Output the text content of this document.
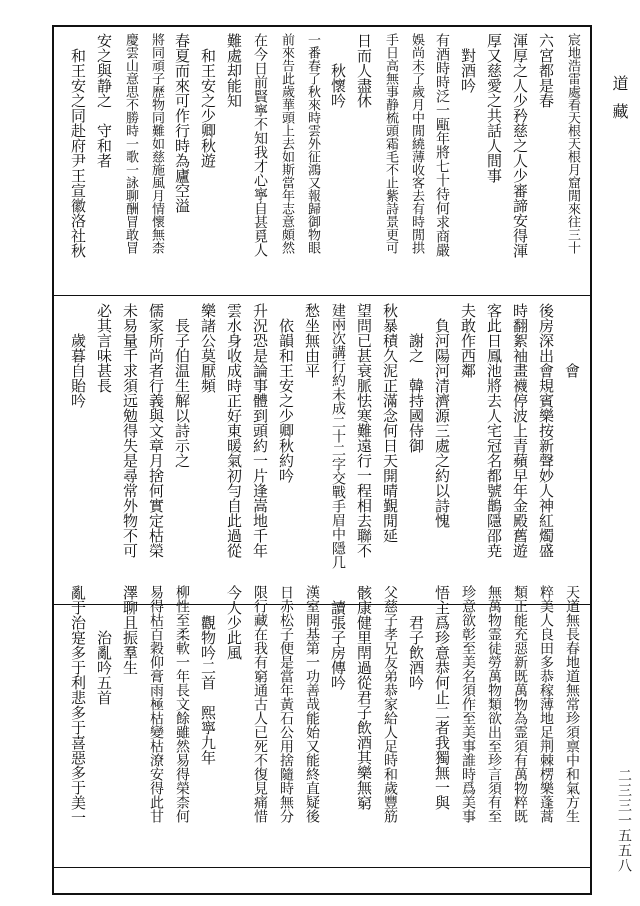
道藏
二三三一五五八
宸地浩雷處看天根天根月窟閒來往三十
六宮都是春
渾厚之人少矜慈之人少審諦安得渾
厚又慈愛之共話人間事
　對酒吟
有酒時時泛一甌年將七十待何求商嚴
娛尚未了歲月中閒繞薄收客去有時閒拱
手日高無事静梳頭霜毛不止紫詩景更可
日而人盡休
　　秋懷吟
一番春了秋來時雲外征鴻又報歸御物眼
前來告此歲華頭上去如斯當年志意頗然
在今日前賢寧不知我才心寧自甚覓人
難處却能知
　和王安之少卿秋遊
春夏而來可作行時為廬空溢
將同頑子歷物同難如慈施風月情懷無柰
慶雲山意思不勝時一歌一詠聊酬冒敢冒
安之與静之　守和者
　和王安之同赴府尹王宣徽洛社秋
　　　　會
後房深出會規賓樂按新聲妙人神紅燭盛
時翻絮袖畫襪停波上青蘋早年金殿舊遊
客此日鳳池將去人宅冠名都號鵲隱邵尭
夫敢作西鄰
　負河陽河清濟源三處之約以詩愧
　　謝之　韓持國侍御
秋暴積久泥正滿念何日天開晴覲閒延
望問已甚衰脈怯寒難遠行一程相去聯不
建兩次講行約未成二十二字交戰手眉中隱几
愁坐無由平
　依韻和王安之少卿秋約吟
升況恐是論事體到頭約一片逢嵩地千年
雲水身收成時正好東暖氣初勻自此過從
樂諸公莫厭頻
　長子伯温生解以詩示之
儒家所尚者行義與文章月捨何實定枯榮
未易量千求須远勉得失是尋常外物不可
必其言味甚長
　　歲暮自貽吟
天道無長春地道無常珍須禀中和氣方生
粹美人良田多恭稼薄地足荆棘楞樂蓬蒿
類正能充惡新既萬物為霊須有萬物粹既
無萬物霊徒勞萬物類欲出至珍言須有至
珍意欲彰至美名須作至美事誰時爲美事
悟主爲珍意恭何止二者我獨無一與
　　君子飲酒吟
父慈子孝兄友弟恭家給人足時和歲豐筋
骸康健里閈過從君子飲酒其樂無窮
　讀張子房傳吟
漢室開基第一功善哉能始又能終直疑後
日赤松子便是當年黃石公用捨隨時無分
限行藏在我有窮通古人已死不復見痛惜
今人少此風
　　觀物吟二首　熙寧九年
柳性至柔軟一年長文餘雖然易得榮柰何
易得枯百穀仰膏雨極枯變枯潦安得此甘
澤聊且振羣生
　　　治亂吟五首
亂于治寔多于利悲多于喜惡多于美一
